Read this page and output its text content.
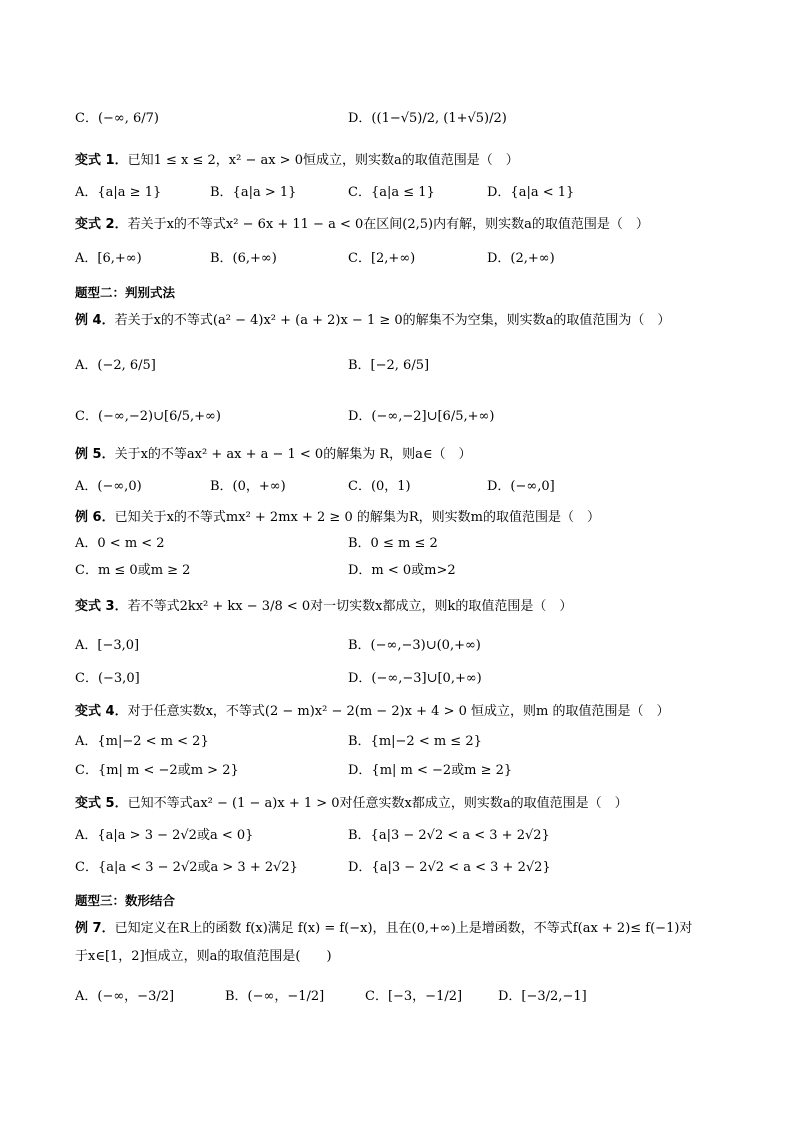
C．(−∞, 6/7)	D．((1−√5)/2, (1+√5)/2)
变式 1．已知1 ≤ x ≤ 2，x² − ax > 0恒成立，则实数a的取值范围是（　）
A．{a|a ≥ 1}	B．{a|a > 1}	C．{a|a ≤ 1}	D．{a|a < 1}
变式 2．若关于x的不等式x² − 6x + 11 − a < 0在区间(2,5)内有解，则实数a的取值范围是（　）
A．[6,+∞)	B．(6,+∞)	C．[2,+∞)	D．(2,+∞)
题型二：判别式法
例 4．若关于x的不等式(a² − 4)x² + (a + 2)x − 1 ≥ 0的解集不为空集，则实数a的取值范围为（　）
A．(−2, 6/5]	B．[−2, 6/5]
C．(−∞,−2)∪[6/5,+∞)	D．(−∞,−2]∪[6/5,+∞)
例 5．关于x的不等ax² + ax + a − 1 < 0的解集为 R，则a∈（　）
A．(−∞,0)	B．(0，+∞)	C．(0，1)	D．(−∞,0]
例 6．已知关于x的不等式mx² + 2mx + 2 ≥ 0 的解集为R，则实数m的取值范围是（　）
A．0 < m < 2	B．0 ≤ m ≤ 2
C．m ≤ 0或m ≥ 2	D．m < 0或m>2
变式 3．若不等式2kx² + kx − 3/8 < 0对一切实数x都成立，则k的取值范围是（　）
A．[−3,0]	B．(−∞,−3)∪(0,+∞)
C．(−3,0]	D．(−∞,−3]∪[0,+∞)
变式 4．对于任意实数x，不等式(2 − m)x² − 2(m − 2)x + 4 > 0 恒成立，则m 的取值范围是（　）
A．{m|−2 < m < 2}	B．{m|−2 < m ≤ 2}
C．{m| m < −2或m > 2}	D．{m| m < −2或m ≥ 2}
变式 5．已知不等式ax² − (1 − a)x + 1 > 0对任意实数x都成立，则实数a的取值范围是（　）
A．{a|a > 3 − 2√2或a < 0}	B．{a|3 − 2√2 < a < 3 + 2√2}
C．{a|a < 3 − 2√2或a > 3 + 2√2}	D．{a|3 − 2√2 < a < 3 + 2√2}
题型三：数形结合
例 7．已知定义在R上的函数 f(x)满足 f(x) = f(−x)，且在(0,+∞)上是增函数，不等式f(ax + 2)≤ f(−1)对
于x∈[1，2]恒成立，则a的取值范围是(　　)
A．(−∞，−3/2]	B．(−∞，−1/2]	C．[−3，−1/2]	D．[−3/2,−1]
